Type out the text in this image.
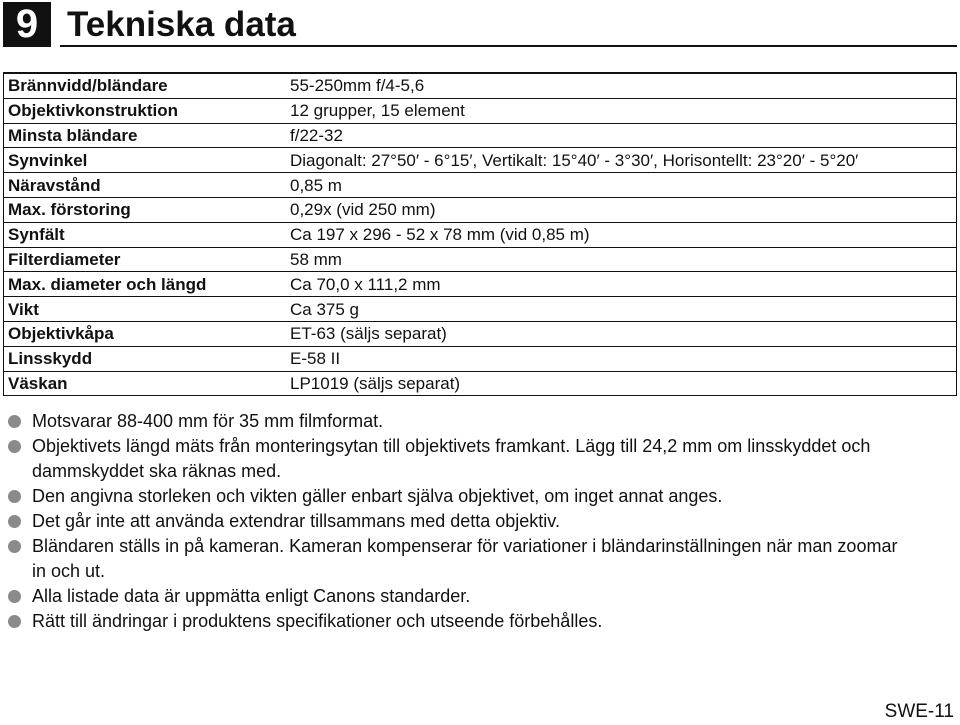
9 Tekniska data
Brännvidd/bländare	55-250mm f/4-5,6
Objektivkonstruktion	12 grupper, 15 element
Minsta bländare	f/22-32
Synvinkel	Diagonalt: 27°50′ - 6°15′, Vertikalt: 15°40′ - 3°30′, Horisontellt: 23°20′ - 5°20′
Näravstånd	0,85 m
Max. förstoring	0,29x (vid 250 mm)
Synfält	Ca 197 x 296 - 52 x 78 mm (vid 0,85 m)
Filterdiameter	58 mm
Max. diameter och längd	Ca 70,0 x 111,2 mm
Vikt	Ca 375 g
Objektivkåpa	ET-63 (säljs separat)
Linsskydd	E-58 II
Väskan	LP1019 (säljs separat)
Motsvarar 88-400 mm för 35 mm filmformat.
Objektivets längd mäts från monteringsytan till objektivets framkant. Lägg till 24,2 mm om linsskyddet och dammskyddet ska räknas med.
Den angivna storleken och vikten gäller enbart själva objektivet, om inget annat anges.
Det går inte att använda extendrar tillsammans med detta objektiv.
Bländaren ställs in på kameran. Kameran kompenserar för variationer i bländarinställningen när man zoomar in och ut.
Alla listade data är uppmätta enligt Canons standarder.
Rätt till ändringar i produktens specifikationer och utseende förbehålles.
SWE-11
